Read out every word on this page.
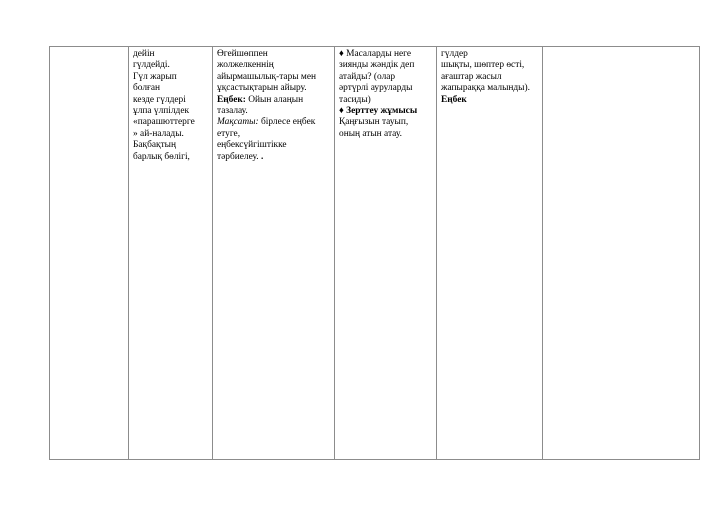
дейін
гүлдейді.
Гүл жарып
болған
кезде гүлдері
ұлпа үлпілдек
«парашюттерге
» ай-налады.
Бақбақтың
барлық бөлігі,

Өгейшөппен
жолжелкеннің
айырмашылық-тары мен
ұқсастықтарын айыру.
Еңбек: Ойын алаңын
тазалау.
Мақсаты: бірлесе еңбек
етуге,
еңбексүйгіштікке
тәрбиелеу. .

♦ Масаларды неге
зиянды жәндік деп
атайды? (олар
әртүрлі ауруларды
тасиды)
♦ Зерттеу жұмысы
Қаңғызын тауып,
оның атын атау.

гүлдер
шықты, шөптер өсті,
ағаштар жасыл
жапыраққа малынды).
Еңбек
